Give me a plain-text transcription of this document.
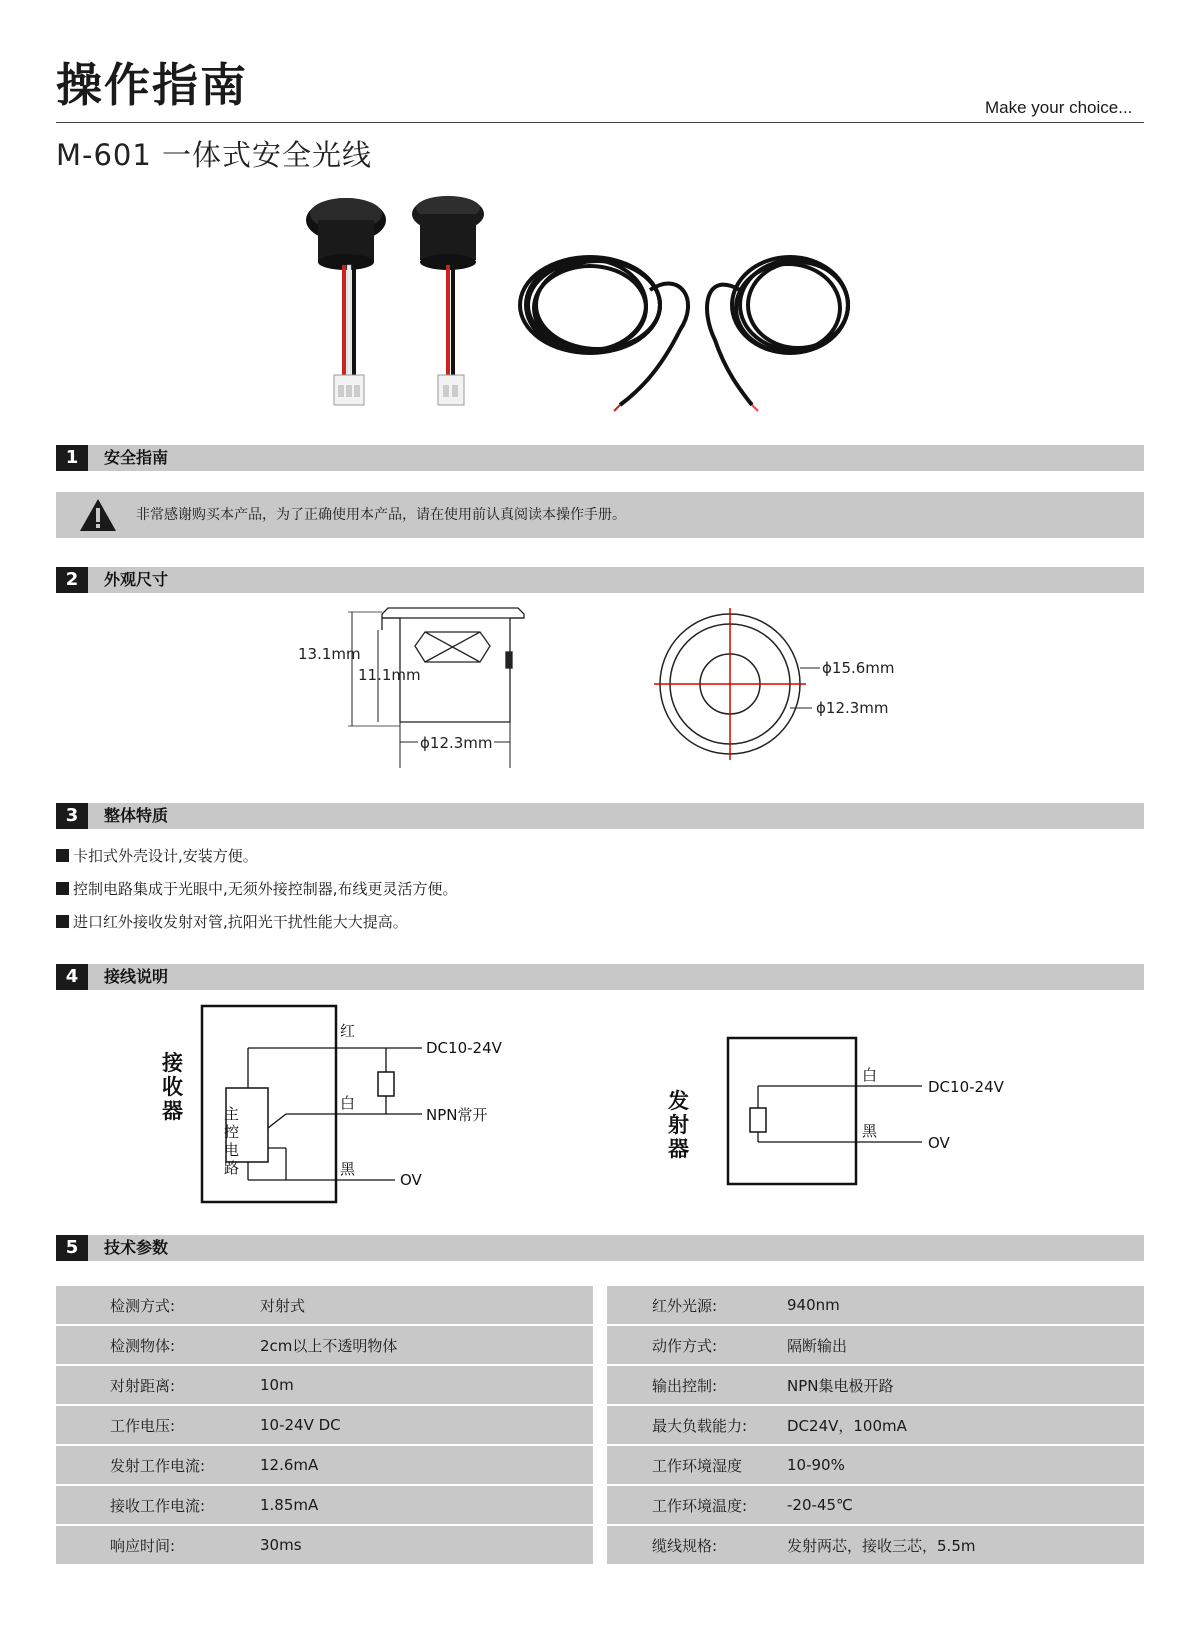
操作指南	Make your choice...
M-601 一体式安全光线
1	安全指南
非常感谢购买本产品，为了正确使用本产品，请在使用前认真阅读本操作手册。
2	外观尺寸
13.1mm
11.1mm
ϕ12.3mm
ϕ15.6mm
ϕ12.3mm
3	整体特质
卡扣式外壳设计,安装方便。
控制电路集成于光眼中,无须外接控制器,布线更灵活方便。
进口红外接收发射对管,抗阳光干扰性能大大提高。
4	接线说明
接收器	主控电路
红
白
黑
DC10-24V
NPN常开
OV
发射器
白
黑
DC10-24V
OV
5	技术参数
检测方式:	对射式
检测物体:	2cm以上不透明物体
对射距离:	10m
工作电压:	10-24V DC
发射工作电流:	12.6mA
接收工作电流:	1.85mA
响应时间:	30ms
红外光源:	940nm
动作方式:	隔断输出
输出控制:	NPN集电极开路
最大负载能力:	DC24V，100mA
工作环境湿度	10-90%
工作环境温度:	-20-45℃
缆线规格:	发射两芯，接收三芯，5.5m
